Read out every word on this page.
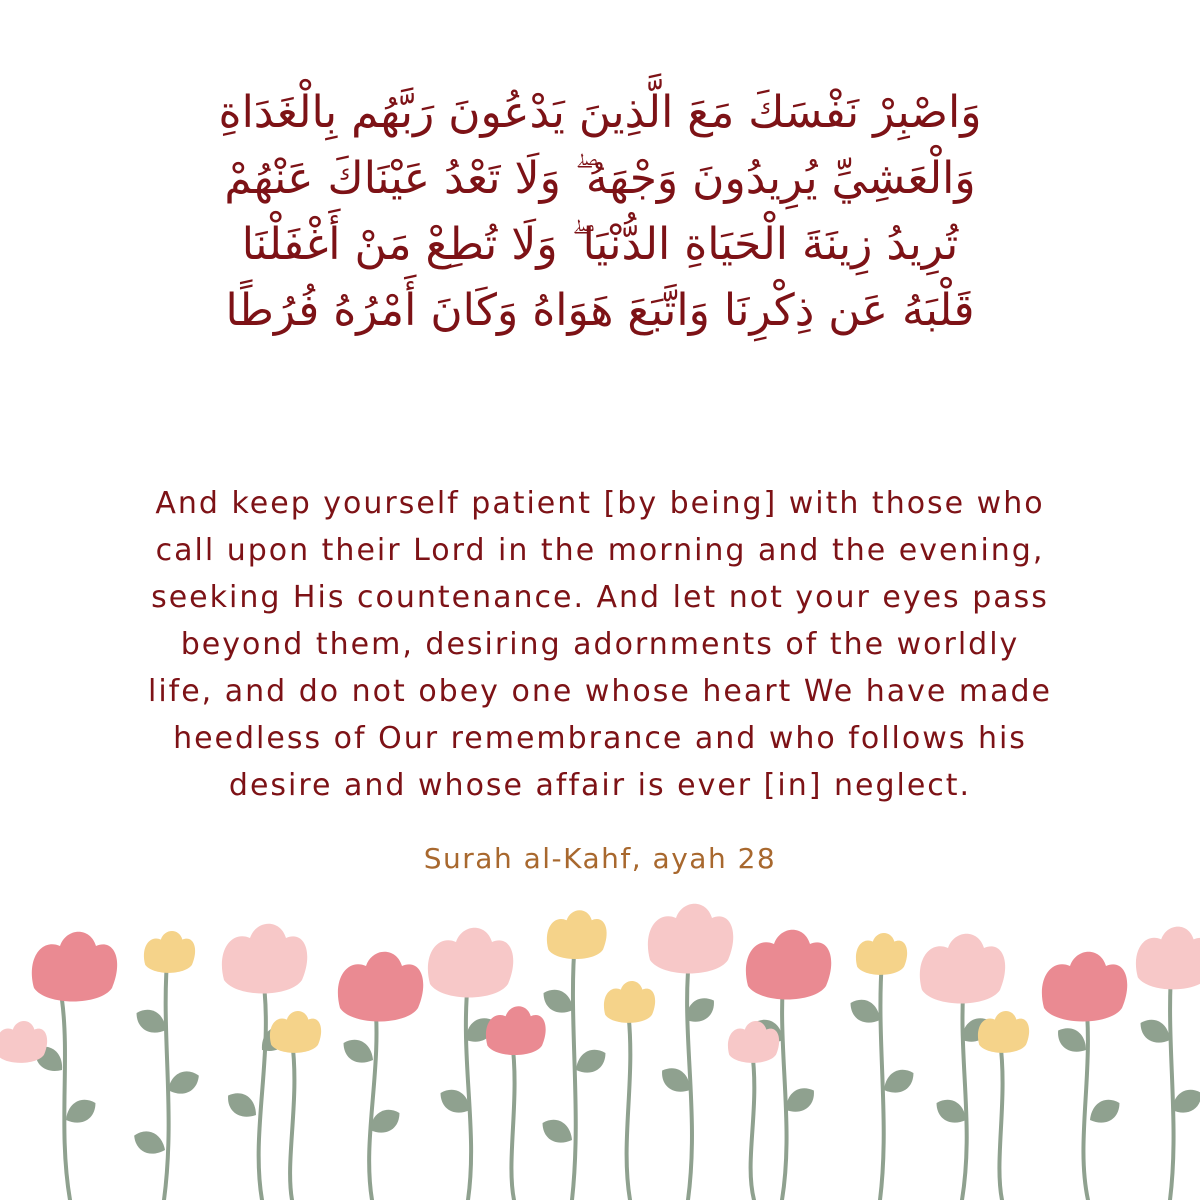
وَاصْبِرْ نَفْسَكَ مَعَ الَّذِينَ يَدْعُونَ رَبَّهُم بِالْغَدَاةِ
وَالْعَشِيِّ يُرِيدُونَ وَجْهَهُ ۖ وَلَا تَعْدُ عَيْنَاكَ عَنْهُمْ
تُرِيدُ زِينَةَ الْحَيَاةِ الدُّنْيَا ۖ وَلَا تُطِعْ مَنْ أَغْفَلْنَا
قَلْبَهُ عَن ذِكْرِنَا وَاتَّبَعَ هَوَاهُ وَكَانَ أَمْرُهُ فُرُطًا
And keep yourself patient [by being] with those who
call upon their Lord in the morning and the evening,
seeking His countenance. And let not your eyes pass
beyond them, desiring adornments of the worldly
life, and do not obey one whose heart We have made
heedless of Our remembrance and who follows his
desire and whose affair is ever [in] neglect.
Surah al-Kahf, ayah 28
